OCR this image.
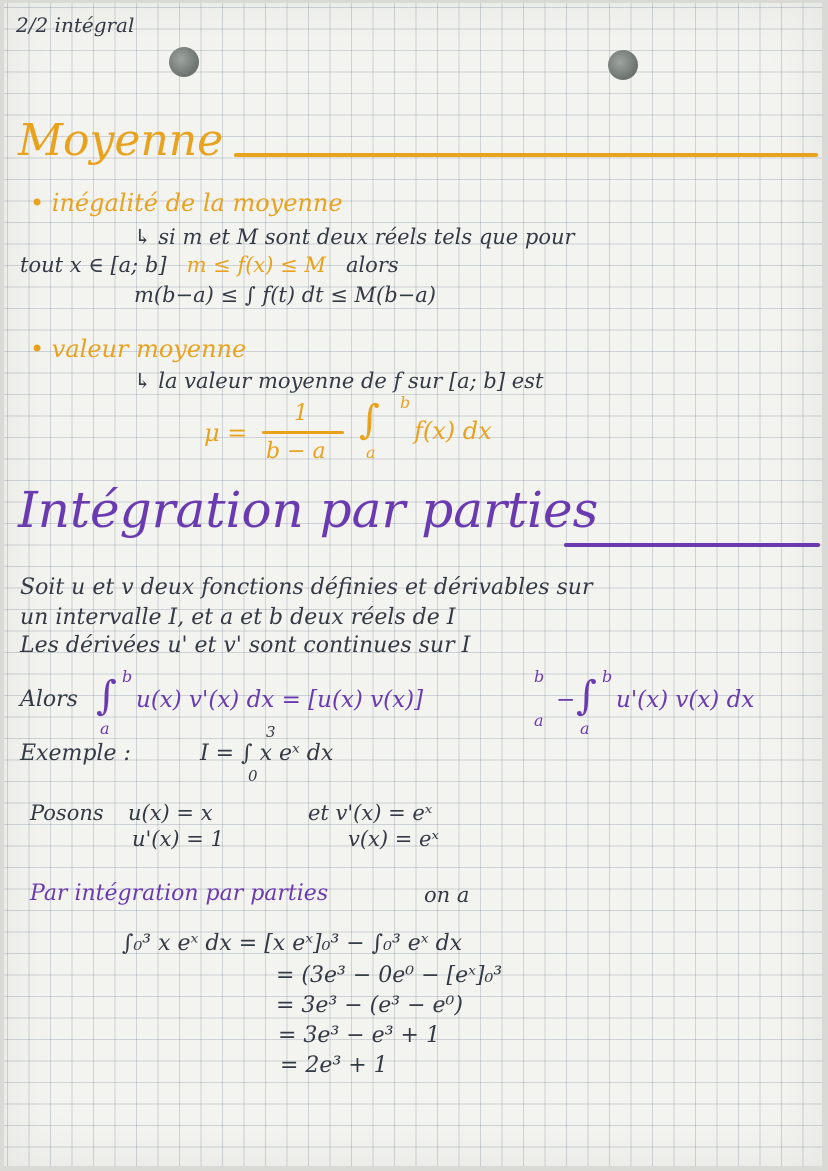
2/2 intégral
Moyenne
• inégalité de la moyenne
↳ si m et M sont deux réels tels que pour
tout x ∈ [a; b] m ≤ f(x) ≤ M alors
m(b−a) ≤ ∫ f(t) dt ≤ M(b−a)
• valeur moyenne
↳ la valeur moyenne de f sur [a; b] est
μ =
1
b − a
∫ b
a
f(x) dx
Intégration par parties
Soit u et v deux fonctions définies et dérivables sur
un intervalle I, et a et b deux réels de I
Les dérivées u' et v' sont continues sur I
Alors ∫ b
a
u(x) v'(x) dx = [u(x) v(x)]
b
a
− ∫ b
a
u'(x) v(x) dx
Exemple :	I = ∫ x eˣ dx
3
0
Posons u(x) = x
u'(x) = 1
et v'(x) = eˣ
v(x) = eˣ
Par intégration par parties	on a
∫₀³ x eˣ dx = [x eˣ]₀³ − ∫₀³ eˣ dx
= (3e³ − 0e⁰ − [eˣ]₀³
= 3e³ − (e³ − e⁰)
= 3e³ − e³ + 1
= 2e³ + 1
